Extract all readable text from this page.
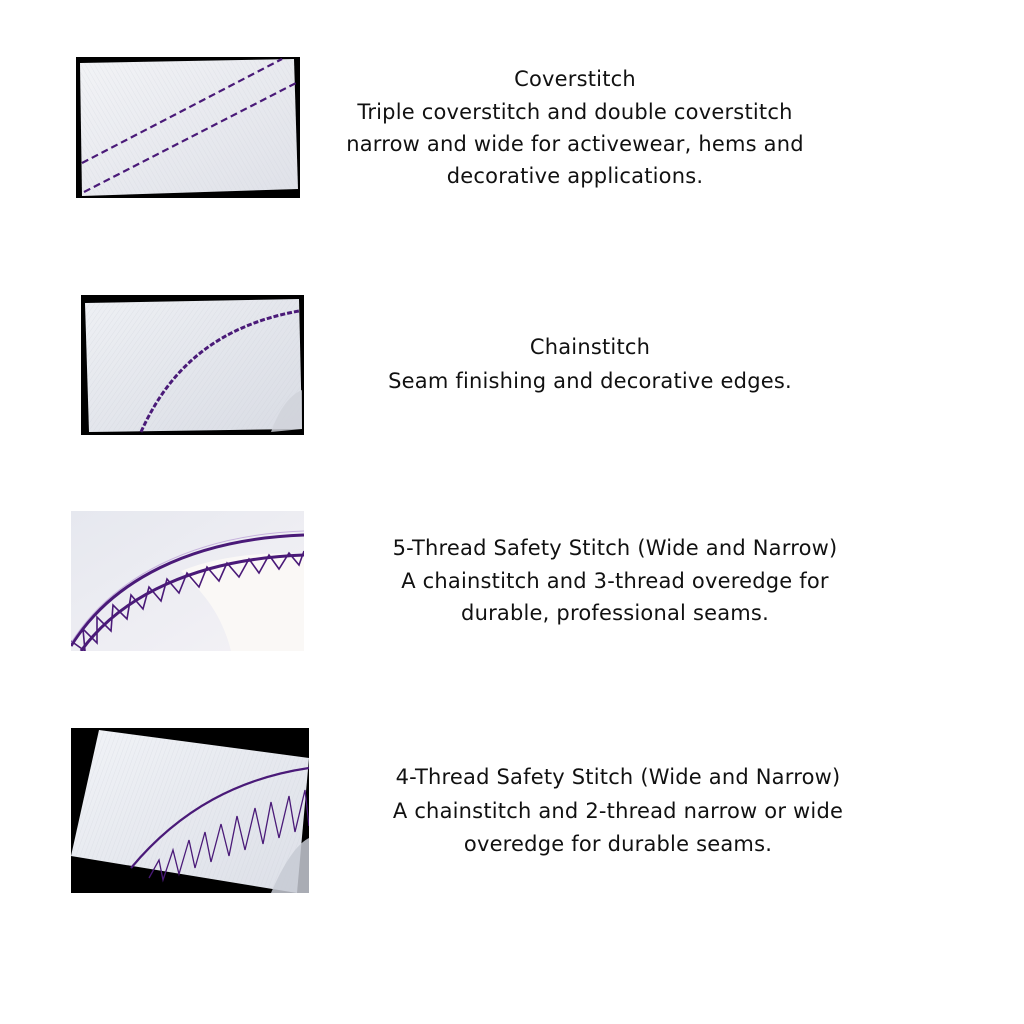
Coverstitch
Triple coverstitch and double coverstitch
narrow and wide for activewear, hems and
decorative applications.
Chainstitch
Seam finishing and decorative edges.
5-Thread Safety Stitch (Wide and Narrow)
A chainstitch and 3-thread overedge for
durable, professional seams.
4-Thread Safety Stitch (Wide and Narrow)
A chainstitch and 2-thread narrow or wide
overedge for durable seams.
